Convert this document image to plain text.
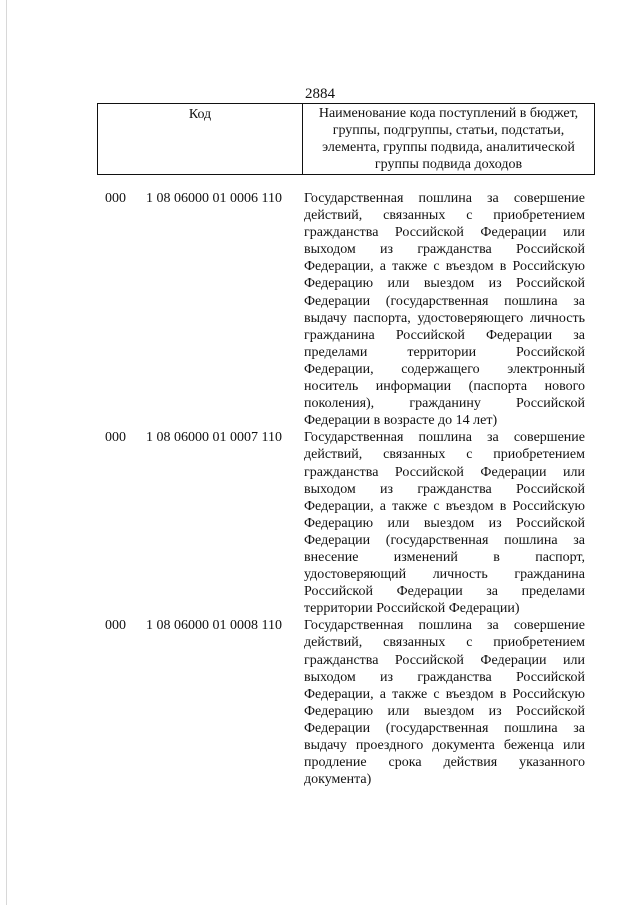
2884
Код	Наименование кода поступлений в бюджет, группы, подгруппы, статьи, подстатьи, элемента, группы подвида, аналитической группы подвида доходов
000 1 08 06000 01 0006 110 Государственная пошлина за совершение действий, связанных с приобретением гражданства Российской Федерации или выходом из гражданства Российской Федерации, а также с въездом в Российскую Федерацию или выездом из Российской Федерации (государственная пошлина за выдачу паспорта, удостоверяющего личность гражданина Российской Федерации за пределами территории Российской Федерации, содержащего электронный носитель информации (паспорта нового поколения), гражданину Российской Федерации в возрасте до 14 лет)
000 1 08 06000 01 0007 110 Государственная пошлина за совершение действий, связанных с приобретением гражданства Российской Федерации или выходом из гражданства Российской Федерации, а также с въездом в Российскую Федерацию или выездом из Российской Федерации (государственная пошлина за внесение изменений в паспорт, удостоверяющий личность гражданина Российской Федерации за пределами территории Российской Федерации)
000 1 08 06000 01 0008 110 Государственная пошлина за совершение действий, связанных с приобретением гражданства Российской Федерации или выходом из гражданства Российской Федерации, а также с въездом в Российскую Федерацию или выездом из Российской Федерации (государственная пошлина за выдачу проездного документа беженца или продление срока действия указанного документа)
